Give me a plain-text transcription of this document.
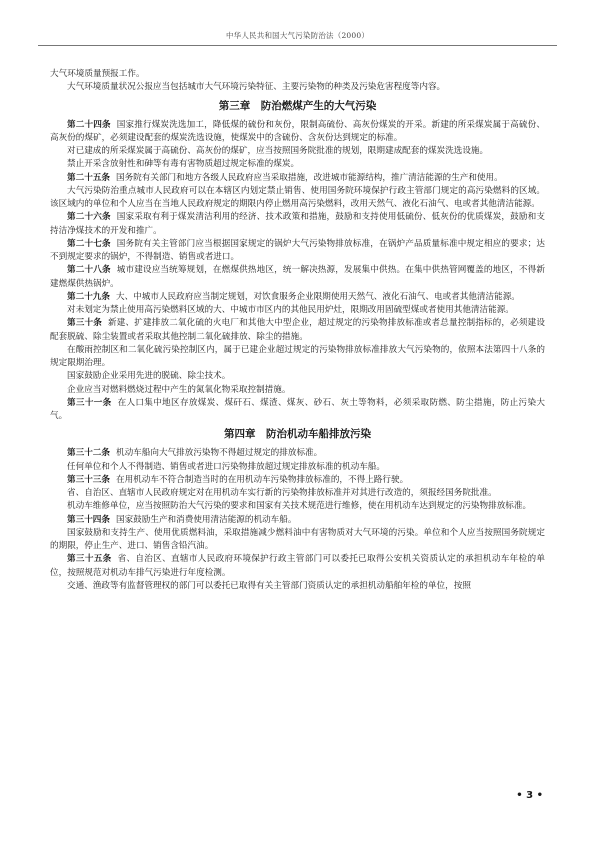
中华人民共和国大气污染防治法（2000）

大气环境质量预报工作。

大气环境质量状况公报应当包括城市大气环境污染特征、主要污染物的种类及污染危害程度等内容。

第三章　防治燃煤产生的大气污染

第二十四条 国家推行煤炭洗选加工，降低煤的硫份和灰份，限制高硫份、高灰份煤炭的开采。新建的所采煤炭属于高硫份、高灰份的煤矿，必须建设配套的煤炭洗选设施，使煤炭中的含硫份、含灰份达到规定的标准。

对已建成的所采煤炭属于高硫份、高灰份的煤矿，应当按照国务院批准的规划，限期建成配套的煤炭洗选设施。

禁止开采含放射性和砷等有毒有害物质超过规定标准的煤炭。

第二十五条 国务院有关部门和地方各级人民政府应当采取措施，改进城市能源结构，推广清洁能源的生产和使用。

大气污染防治重点城市人民政府可以在本辖区内划定禁止销售、使用国务院环境保护行政主管部门规定的高污染燃料的区域。该区域内的单位和个人应当在当地人民政府规定的期限内停止燃用高污染燃料，改用天然气、液化石油气、电或者其他清洁能源。

第二十六条 国家采取有利于煤炭清洁利用的经济、技术政策和措施，鼓励和支持使用低硫份、低灰份的优质煤炭，鼓励和支持洁净煤技术的开发和推广。

第二十七条 国务院有关主管部门应当根据国家规定的锅炉大气污染物排放标准，在锅炉产品质量标准中规定相应的要求；达不到规定要求的锅炉，不得制造、销售或者进口。

第二十八条 城市建设应当统筹规划，在燃煤供热地区，统一解决热源，发展集中供热。在集中供热管网覆盖的地区，不得新建燃煤供热锅炉。

第二十九条 大、中城市人民政府应当制定规划，对饮食服务企业限期使用天然气、液化石油气、电或者其他清洁能源。

对未划定为禁止使用高污染燃料区域的大、中城市市区内的其他民用炉灶，限期改用固硫型煤或者使用其他清洁能源。

第三十条 新建、扩建排放二氧化硫的火电厂和其他大中型企业，超过规定的污染物排放标准或者总量控制指标的，必须建设配套脱硫、除尘装置或者采取其他控制二氧化硫排放、除尘的措施。

在酸雨控制区和二氧化硫污染控制区内，属于已建企业超过规定的污染物排放标准排放大气污染物的，依照本法第四十八条的规定限期治理。

国家鼓励企业采用先进的脱硫、除尘技术。

企业应当对燃料燃烧过程中产生的氮氧化物采取控制措施。

第三十一条 在人口集中地区存放煤炭、煤矸石、煤渣、煤灰、砂石、灰土等物料，必须采取防燃、防尘措施，防止污染大气。

第四章　防治机动车船排放污染

第三十二条 机动车船向大气排放污染物不得超过规定的排放标准。

任何单位和个人不得制造、销售或者进口污染物排放超过规定排放标准的机动车船。

第三十三条 在用机动车不符合制造当时的在用机动车污染物排放标准的，不得上路行驶。

省、自治区、直辖市人民政府规定对在用机动车实行新的污染物排放标准并对其进行改造的，须报经国务院批准。

机动车维修单位，应当按照防治大气污染的要求和国家有关技术规范进行维修，使在用机动车达到规定的污染物排放标准。

第三十四条 国家鼓励生产和消费使用清洁能源的机动车船。

国家鼓励和支持生产、使用优质燃料油，采取措施减少燃料油中有害物质对大气环境的污染。单位和个人应当按照国务院规定的期限，停止生产、进口、销售含铅汽油。

第三十五条 省、自治区、直辖市人民政府环境保护行政主管部门可以委托已取得公安机关资质认定的承担机动车年检的单位，按照规范对机动车排气污染进行年度检测。

交通、渔政等有监督管理权的部门可以委托已取得有关主管部门资质认定的承担机动船舶年检的单位，按照

• 3 •
